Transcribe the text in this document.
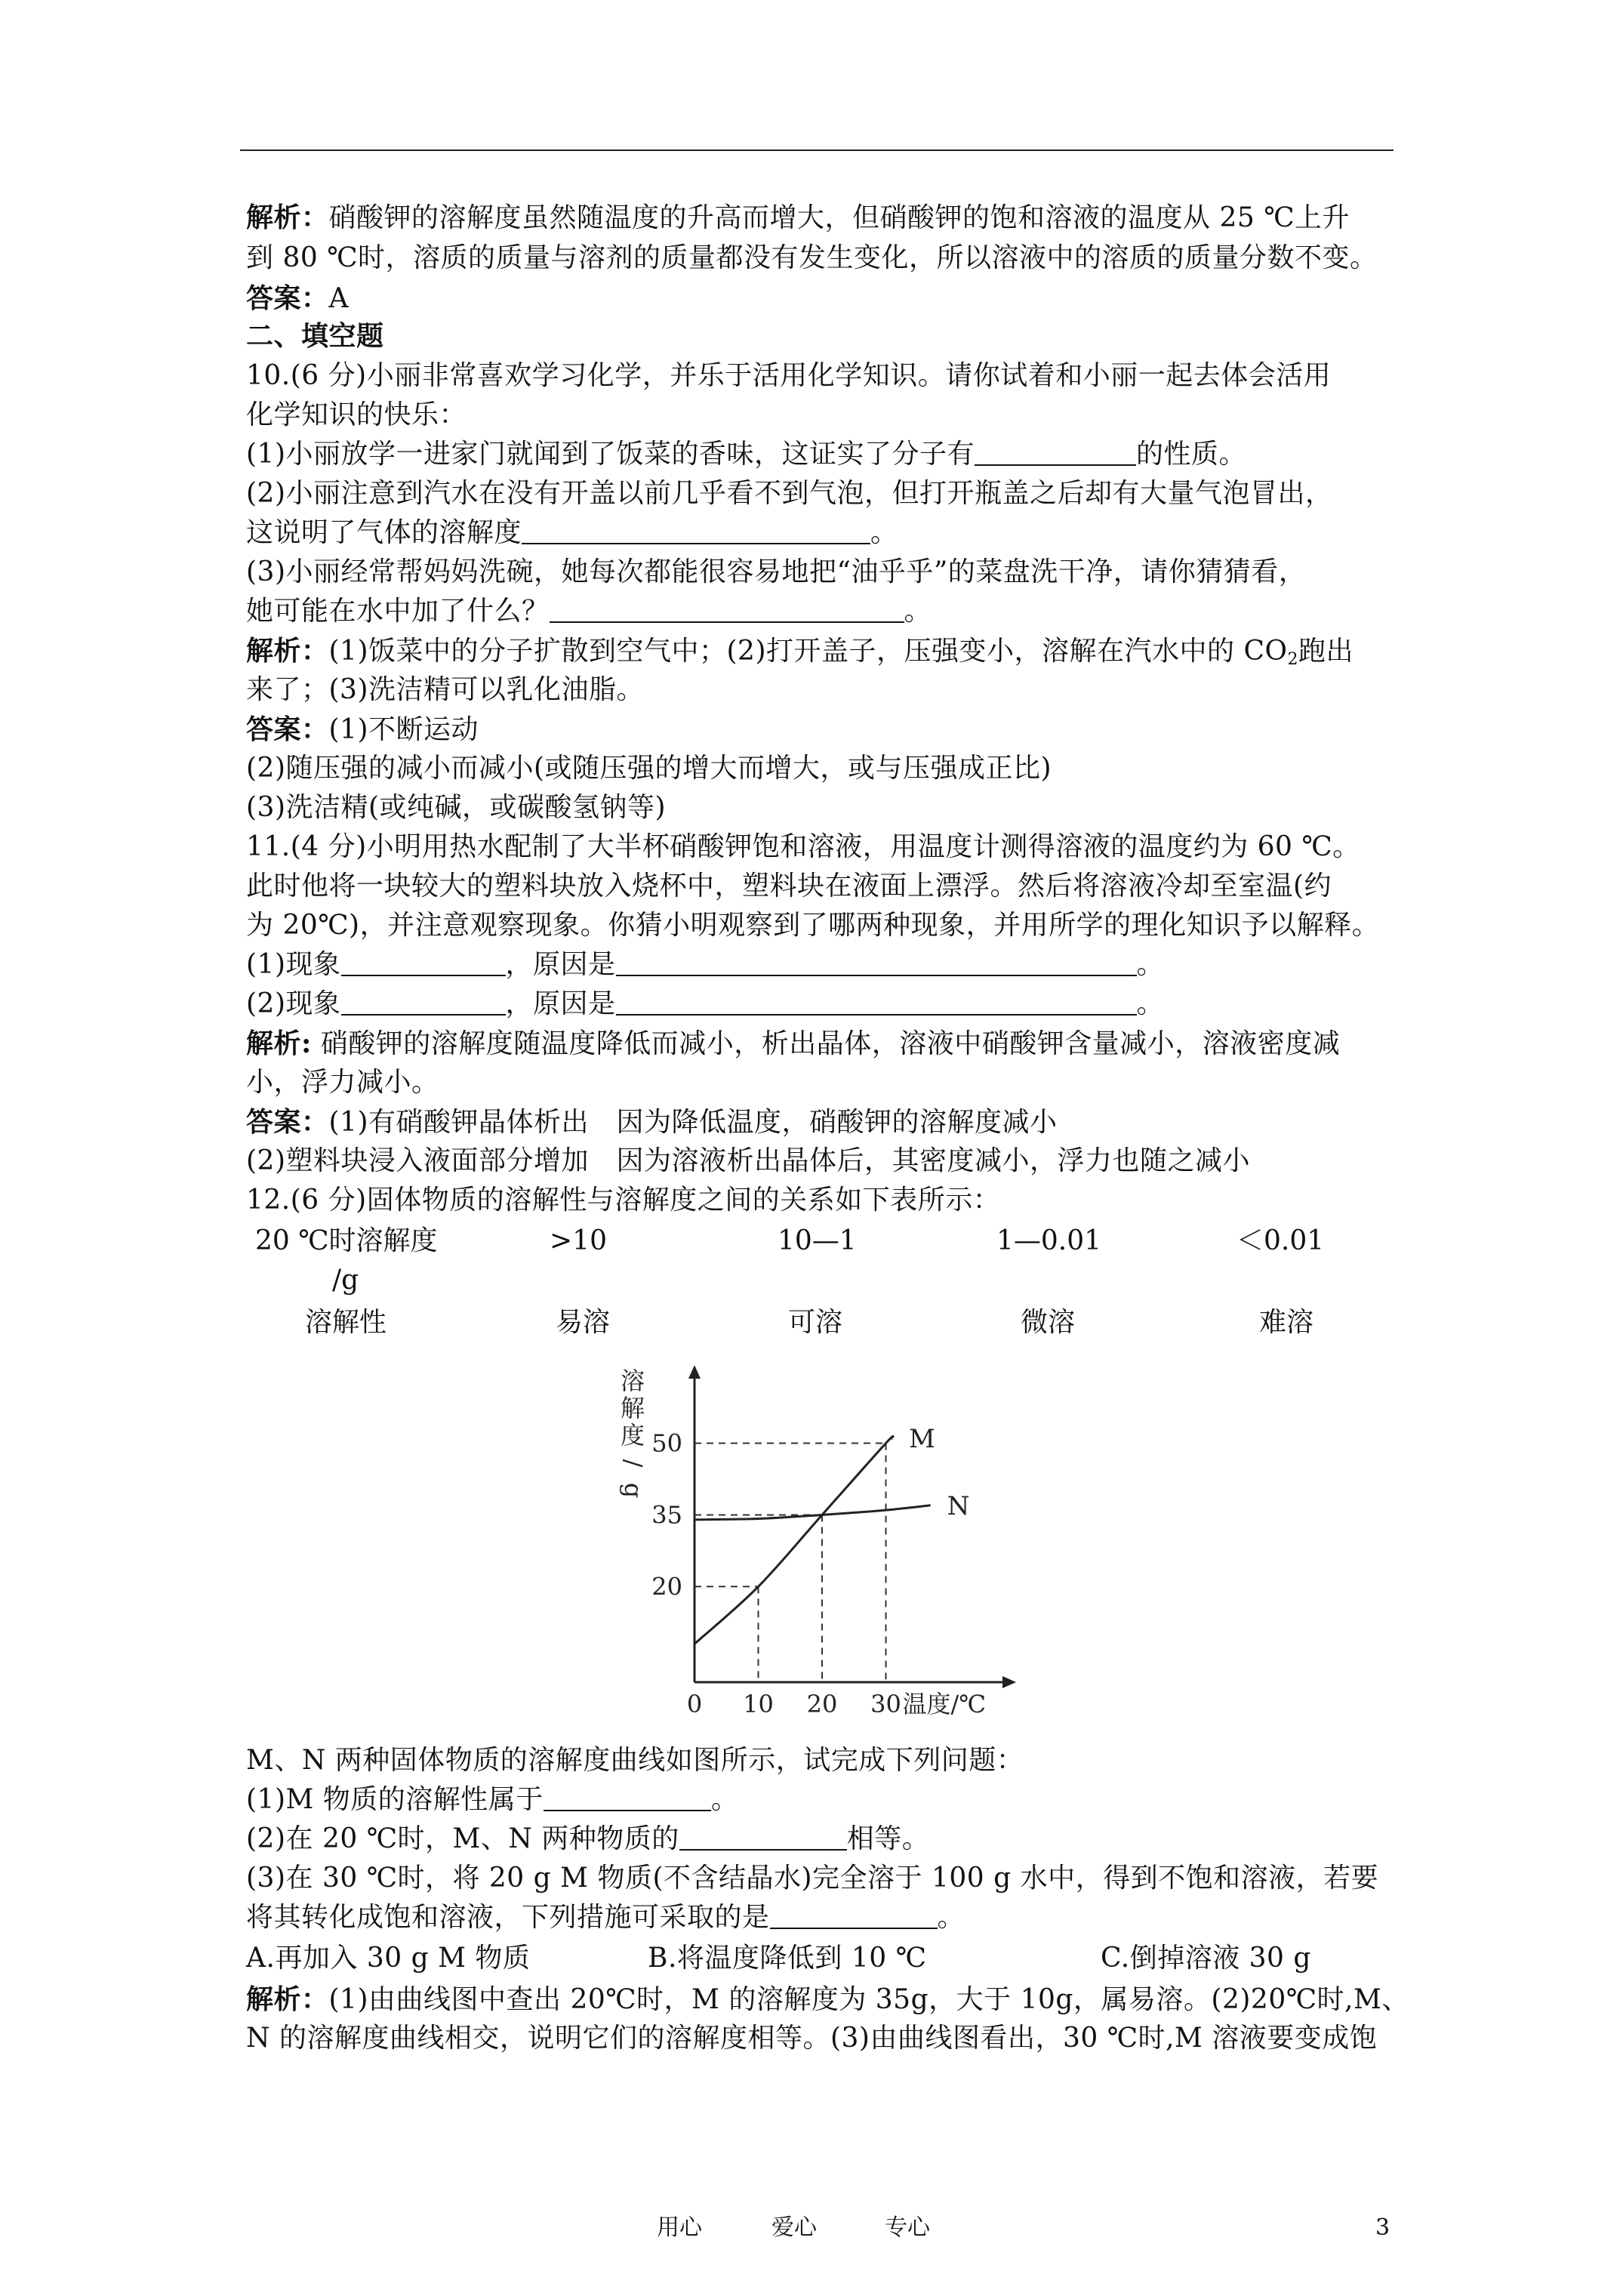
解析：硝酸钾的溶解度虽然随温度的升高而增大，但硝酸钾的饱和溶液的温度从 25 ℃上升
到 80 ℃时，溶质的质量与溶剂的质量都没有发生变化，所以溶液中的溶质的质量分数不变。
答案：A
二、填空题
10.(6 分)小丽非常喜欢学习化学，并乐于活用化学知识。请你试着和小丽一起去体会活用
化学知识的快乐：
(1)小丽放学一进家门就闻到了饭菜的香味，这证实了分子有	的性质。
(2)小丽注意到汽水在没有开盖以前几乎看不到气泡，但打开瓶盖之后却有大量气泡冒出，
这说明了气体的溶解度	。
(3)小丽经常帮妈妈洗碗，她每次都能很容易地把“油乎乎”的菜盘洗干净，请你猜猜看，
她可能在水中加了什么？	。
解析：(1)饭菜中的分子扩散到空气中；(2)打开盖子，压强变小，溶解在汽水中的 $CO_2$跑出
来了；(3)洗洁精可以乳化油脂。
答案：(1)不断运动
(2)随压强的减小而减小(或随压强的增大而增大，或与压强成正比)
(3)洗洁精(或纯碱，或碳酸氢钠等)
11.(4 分)小明用热水配制了大半杯硝酸钾饱和溶液，用温度计测得溶液的温度约为 60 ℃。
此时他将一块较大的塑料块放入烧杯中，塑料块在液面上漂浮。然后将溶液冷却至室温(约
为 20℃)，并注意观察现象。你猜小明观察到了哪两种现象，并用所学的理化知识予以解释。
(1)现象	，原因是	。
(2)现象	，原因是	。
解析: 硝酸钾的溶解度随温度降低而减小，析出晶体，溶液中硝酸钾含量减小，溶液密度减
小，浮力减小。
答案：(1)有硝酸钾晶体析出　因为降低温度，硝酸钾的溶解度减小
(2)塑料块浸入液面部分增加　因为溶液析出晶体后，其密度减小，浮力也随之减小
12.(6 分)固体物质的溶解性与溶解度之间的关系如下表所示：
20 ℃时溶解度
/g
>10	10—1	1—0.01	＜0.01
溶解性	易溶	可溶	微溶	难溶
M
N
0 10 20 30
20
35
50
温度/℃
溶
解
度
/
g
M、N 两种固体物质的溶解度曲线如图所示，试完成下列问题：
(1)M 物质的溶解性属于	。
(2)在 20 ℃时，M、N 两种物质的	相等。
(3)在 30 ℃时，将 20 g M 物质(不含结晶水)完全溶于 100 g 水中，得到不饱和溶液，若要
将其转化成饱和溶液，下列措施可采取的是	。
A.再加入 30 g M 物质	B.将温度降低到 10 ℃	C.倒掉溶液 30 g
解析：(1)由曲线图中查出 20℃时，M 的溶解度为 35g，大于 10g，属易溶。(2)20℃时,M、
N 的溶解度曲线相交，说明它们的溶解度相等。(3)由曲线图看出，30 ℃时,M 溶液要变成饱
用心	爱心	专心	3
